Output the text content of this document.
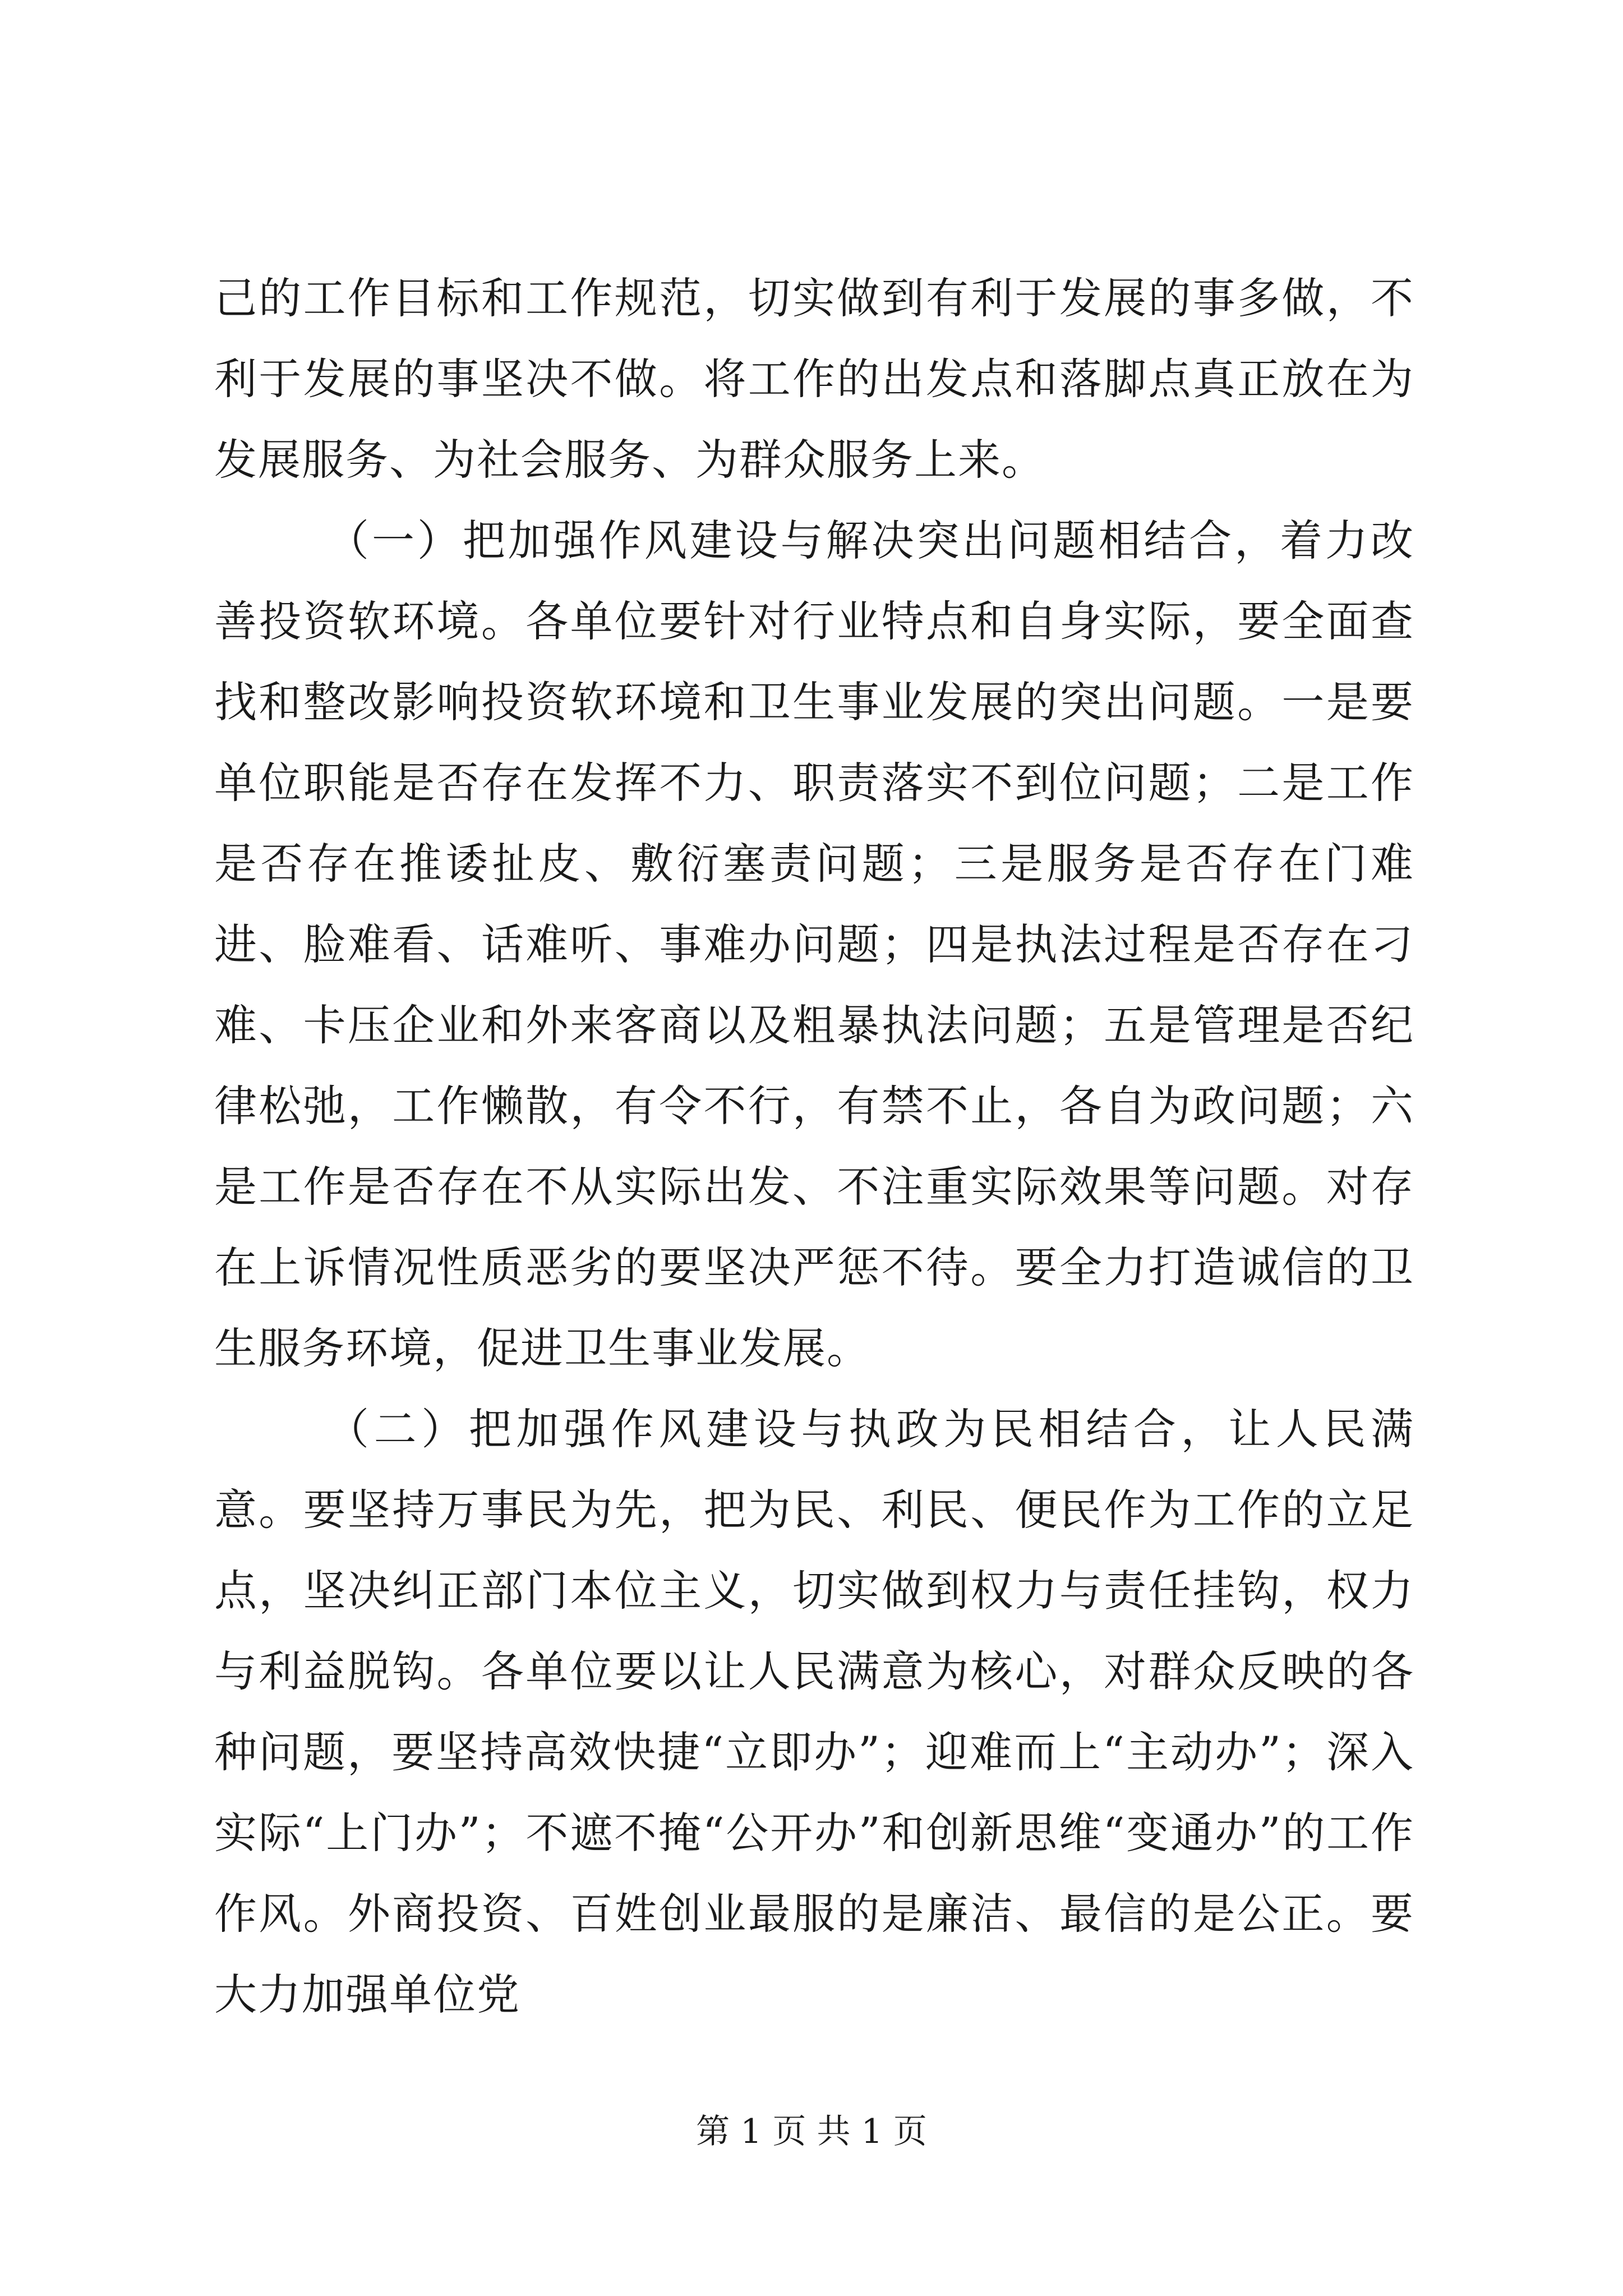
己的工作目标和工作规范，切实做到有利于发展的事多做，不利于发展的事坚决不做。将工作的出发点和落脚点真正放在为发展服务、为社会服务、为群众服务上来。

（一）把加强作风建设与解决突出问题相结合，着力改善投资软环境。各单位要针对行业特点和自身实际，要全面查找和整改影响投资软环境和卫生事业发展的突出问题。一是要单位职能是否存在发挥不力、职责落实不到位问题；二是工作是否存在推诿扯皮、敷衍塞责问题；三是服务是否存在门难进、脸难看、话难听、事难办问题；四是执法过程是否存在刁难、卡压企业和外来客商以及粗暴执法问题；五是管理是否纪律松弛，工作懒散，有令不行，有禁不止，各自为政问题；六是工作是否存在不从实际出发、不注重实际效果等问题。对存在上诉情况性质恶劣的要坚决严惩不待。要全力打造诚信的卫生服务环境，促进卫生事业发展。

（二）把加强作风建设与执政为民相结合，让人民满意。要坚持万事民为先，把为民、利民、便民作为工作的立足点，坚决纠正部门本位主义，切实做到权力与责任挂钩，权力与利益脱钩。各单位要以让人民满意为核心，对群众反映的各种问题，要坚持高效快捷“立即办”；迎难而上“主动办”；深入实际“上门办”；不遮不掩“公开办”和创新思维“变通办”的工作作风。外商投资、百姓创业最服的是廉洁、最信的是公正。要大力加强单位党

第 1 页 共 1 页
